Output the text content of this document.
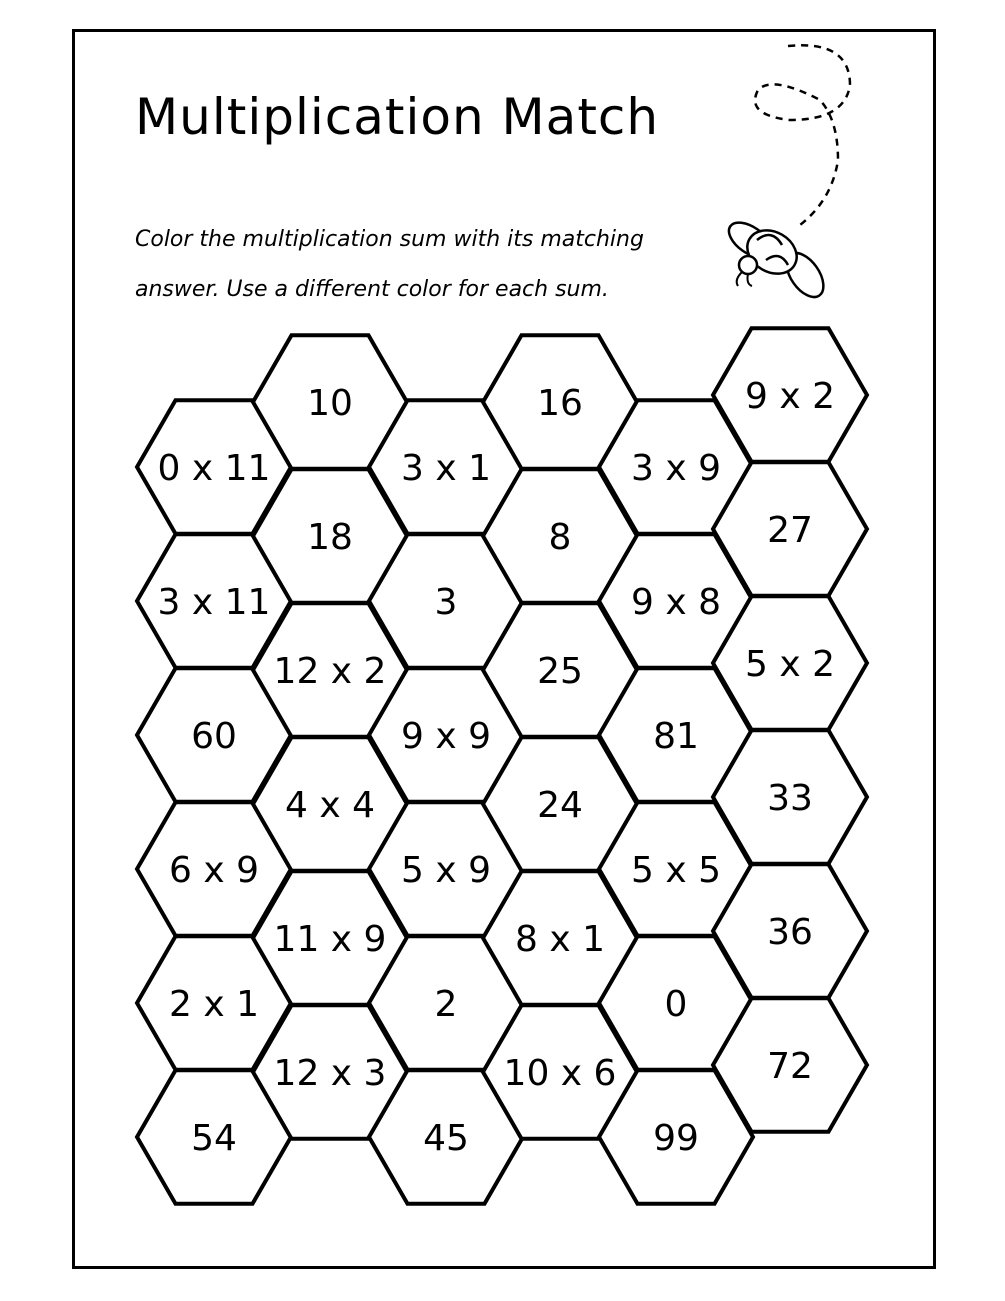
Multiplication Match

Color the multiplication sum with its matching answer. Use a different color for each sum.

0 x 11
3 x 11
60
6 x 9
2 x 1
54
10
18
12 x 2
4 x 4
11 x 9
12 x 3
3 x 1
3
9 x 9
5 x 9
2
45
16
8
25
24
8 x 1
10 x 6
3 x 9
9 x 8
81
5 x 5
0
99
9 x 2
27
5 x 2
33
36
72
